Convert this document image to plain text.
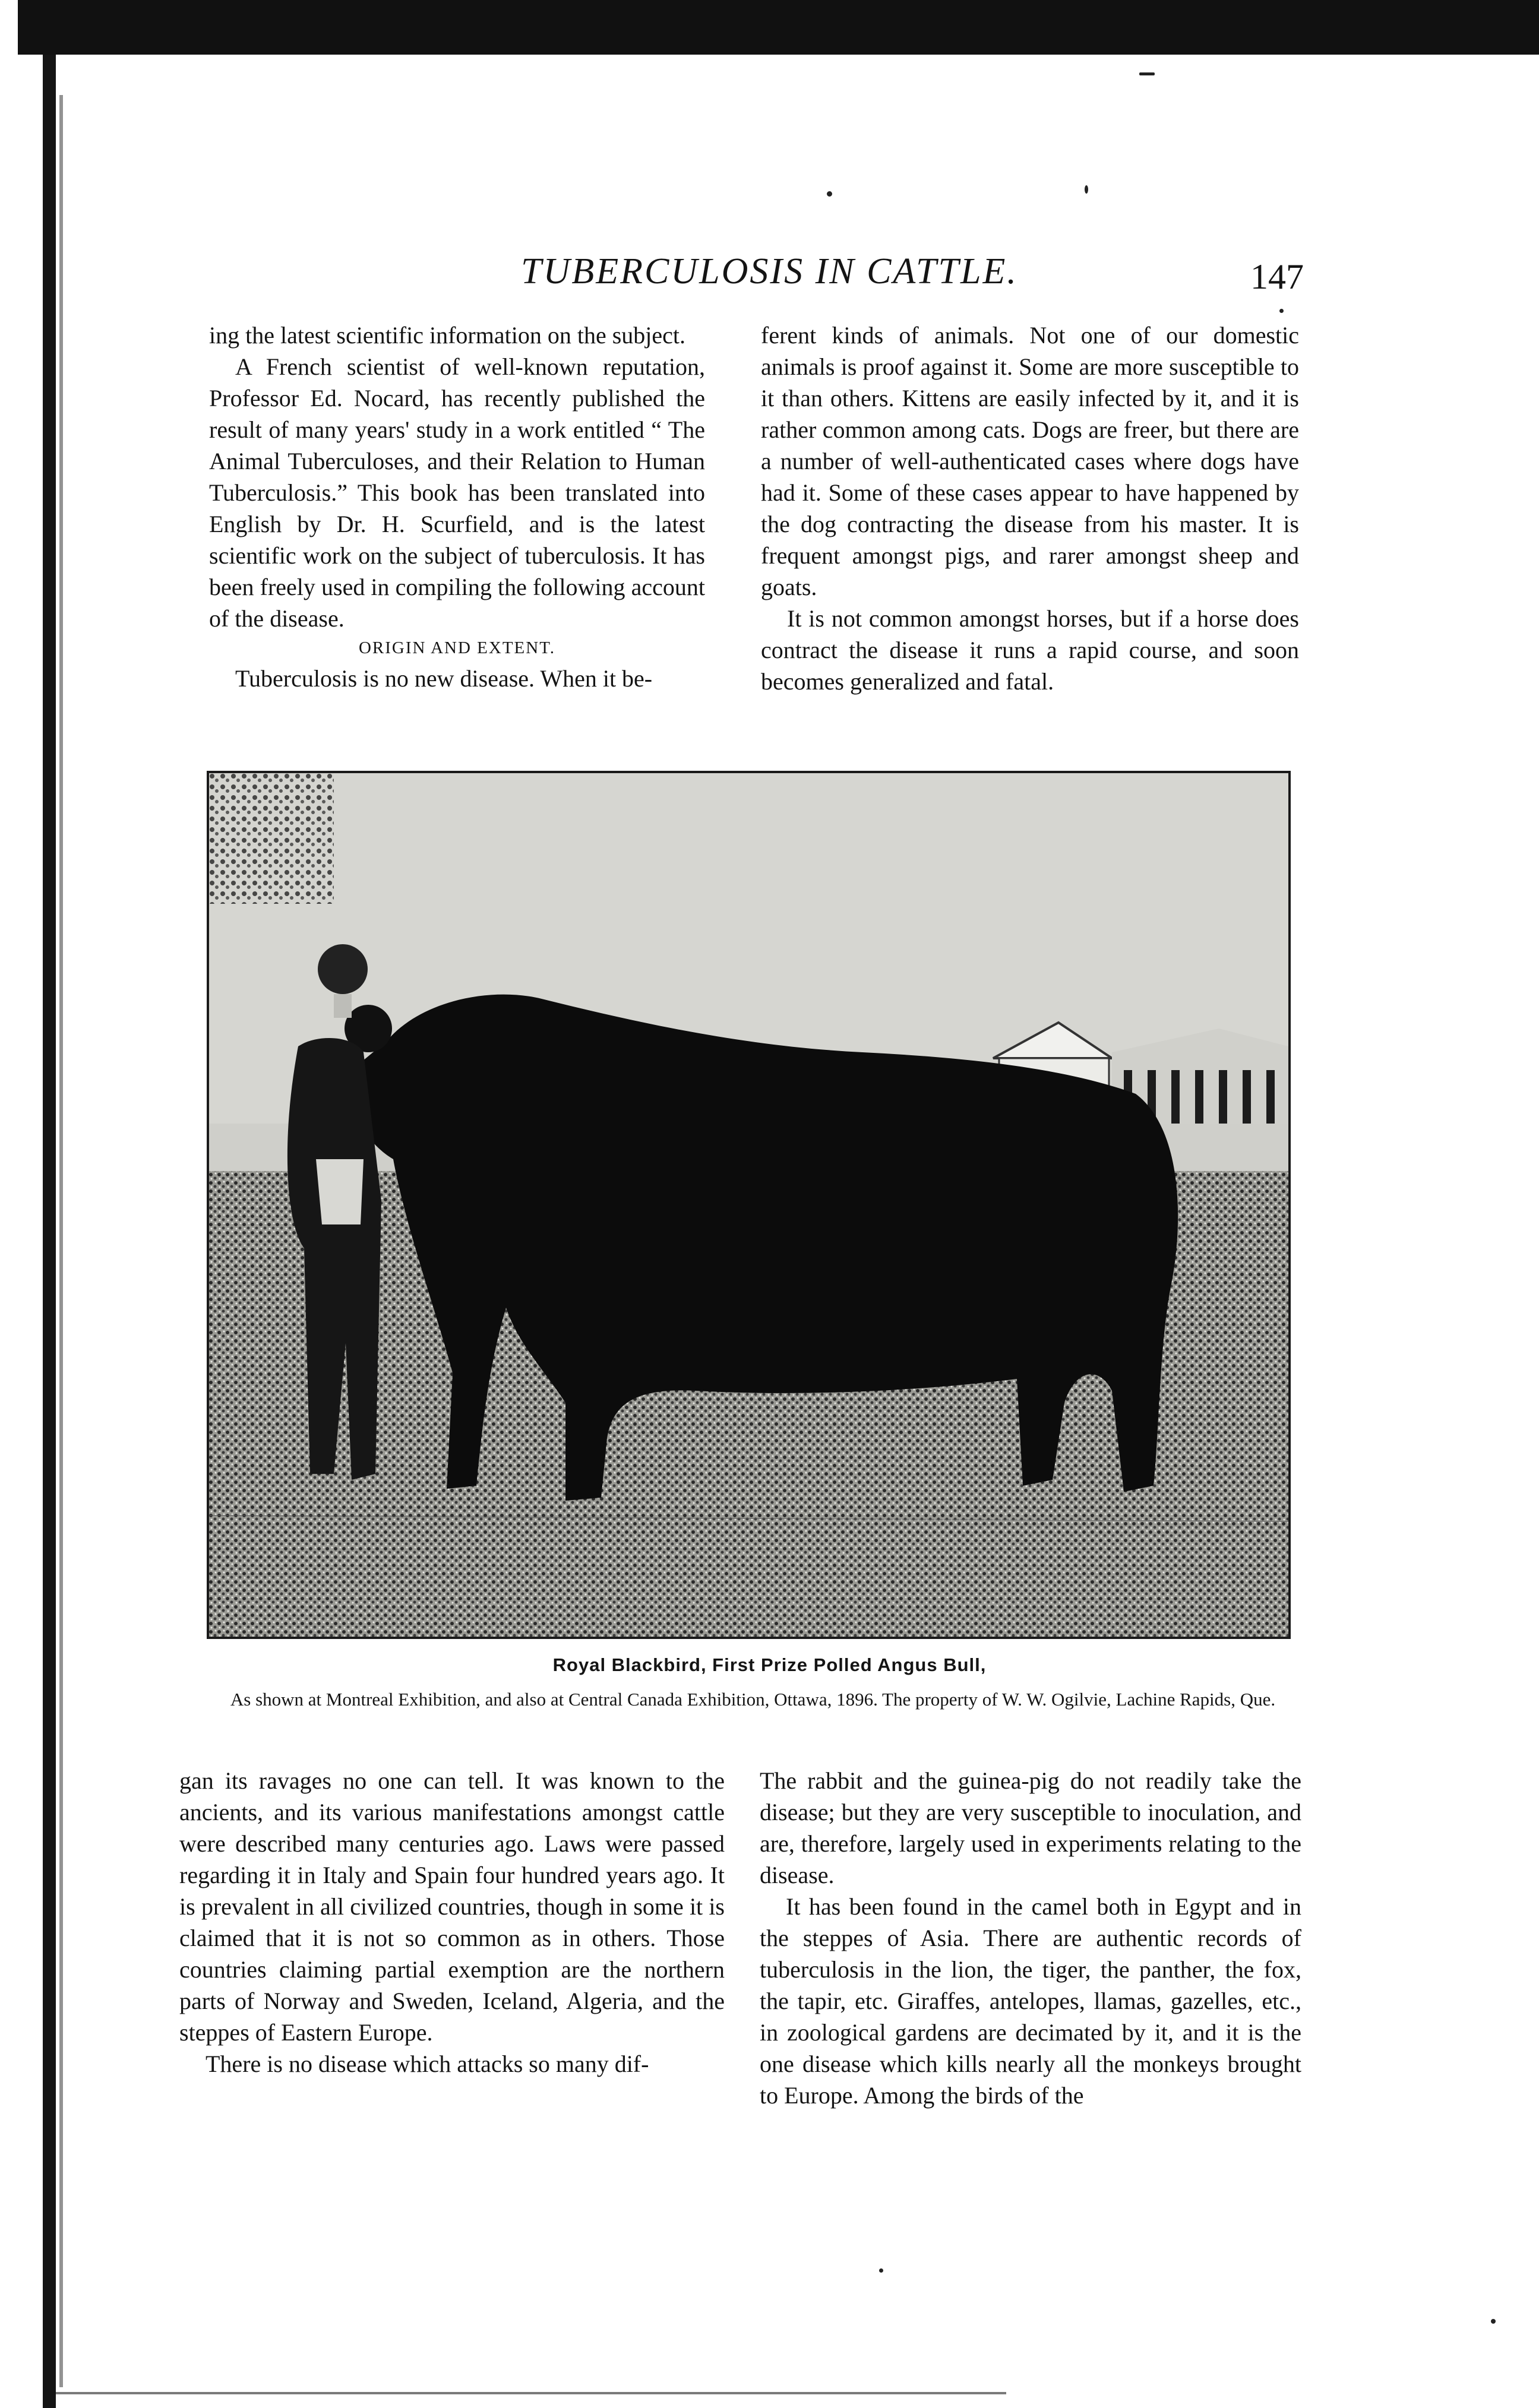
TUBERCULOSIS IN CATTLE.	147

ing the latest scientific information on the subject.

A French scientist of well-known reputation, Professor Ed. Nocard, has recently published the result of many years' study in a work entitled “ The Animal Tuberculoses, and their Relation to Human Tuberculosis.” This book has been translated into English by Dr. H. Scurfield, and is the latest scientific work on the subject of tuberculosis. It has been freely used in compiling the following account of the disease.

ORIGIN AND EXTENT.

Tuberculosis is no new disease. When it be-

ferent kinds of animals. Not one of our domestic animals is proof against it. Some are more susceptible to it than others. Kittens are easily infected by it, and it is rather common among cats. Dogs are freer, but there are a number of well-authenticated cases where dogs have had it. Some of these cases appear to have happened by the dog contracting the disease from his master. It is frequent amongst pigs, and rarer amongst sheep and goats.

It is not common amongst horses, but if a horse does contract the disease it runs a rapid course, and soon becomes generalized and fatal.

Royal Blackbird, First Prize Polled Angus Bull,
As shown at Montreal Exhibition, and also at Central Canada Exhibition, Ottawa, 1896. The property of W. W. Ogilvie, Lachine Rapids, Que.

gan its ravages no one can tell. It was known to the ancients, and its various manifestations amongst cattle were described many centuries ago. Laws were passed regarding it in Italy and Spain four hundred years ago. It is prevalent in all civilized countries, though in some it is claimed that it is not so common as in others. Those countries claiming partial exemption are the northern parts of Norway and Sweden, Iceland, Algeria, and the steppes of Eastern Europe.

There is no disease which attacks so many dif-

The rabbit and the guinea-pig do not readily take the disease; but they are very susceptible to inoculation, and are, therefore, largely used in experiments relating to the disease.

It has been found in the camel both in Egypt and in the steppes of Asia. There are authentic records of tuberculosis in the lion, the tiger, the panther, the fox, the tapir, etc. Giraffes, antelopes, llamas, gazelles, etc., in zoological gardens are decimated by it, and it is the one disease which kills nearly all the monkeys brought to Europe. Among the birds of the
